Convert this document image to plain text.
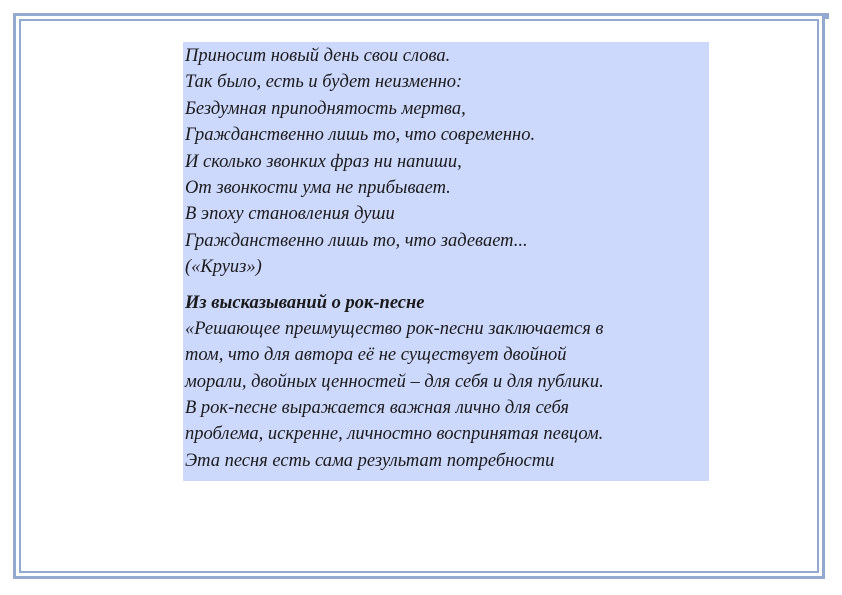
Приносит новый день свои слова.
Так было, есть и будет неизменно:
Бездумная приподнятость мертва,
Гражданственно лишь то, что современно.
И сколько звонких фраз ни напиши,
От звонкости ума не прибывает.
В эпоху становления души
Гражданственно лишь то, что задевает...
(«Круиз»)
Из высказываний о рок-песне
«Решающее преимущество рок-песни заключается в
том, что для автора её не существует двойной
морали, двойных ценностей – для себя и для публики.
В рок-песне выражается важная лично для себя
проблема, искренне, личностно воспринятая певцом.
Эта песня есть сама результат потребности
